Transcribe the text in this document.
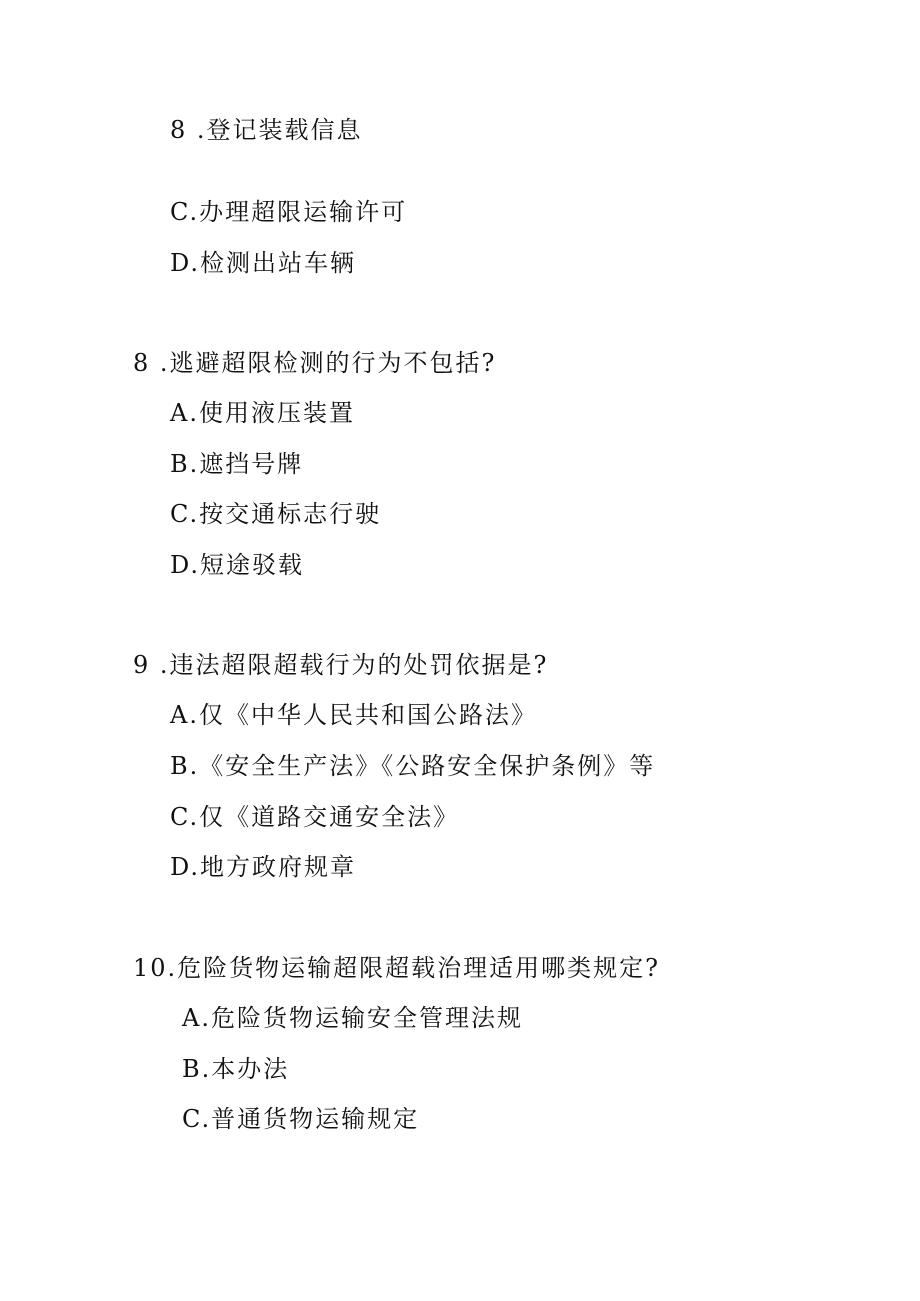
8 .登记装载信息
C.办理超限运输许可
D.检测出站车辆
8 .逃避超限检测的行为不包括?
A.使用液压装置
B.遮挡号牌
C.按交通标志行驶
D.短途驳载
9 .违法超限超载行为的处罚依据是?
A.仅《中华人民共和国公路法》
B.《安全生产法》《公路安全保护条例》等
C.仅《道路交通安全法》
D.地方政府规章
10.危险货物运输超限超载治理适用哪类规定?
A.危险货物运输安全管理法规
B.本办法
C.普通货物运输规定
